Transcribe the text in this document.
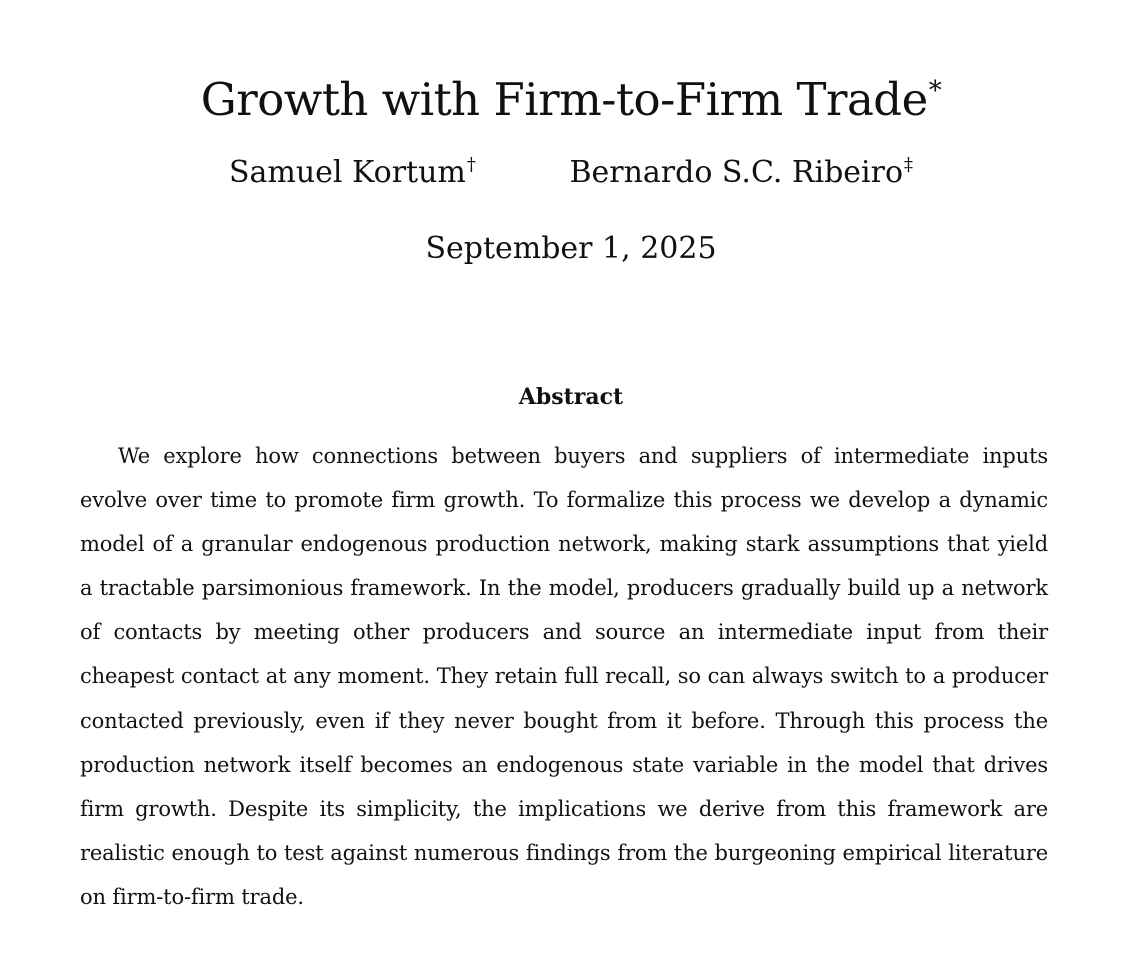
Growth with Firm-to-Firm Trade*
Samuel Kortum†	Bernardo S.C. Ribeiro‡
September 1, 2025
Abstract

We explore how connections between buyers and suppliers of intermediate inputs evolve over time to promote firm growth. To formalize this process we develop a dynamic model of a granular endogenous production network, making stark assumptions that yield a tractable parsimonious framework. In the model, producers gradually build up a network of contacts by meeting other producers and source an intermediate input from their cheapest contact at any moment. They retain full recall, so can always switch to a producer contacted previously, even if they never bought from it before. Through this process the production network itself becomes an endogenous state variable in the model that drives firm growth. Despite its simplicity, the implications we derive from this framework are realistic enough to test against numerous findings from the burgeoning empirical literature on firm-to-firm trade.
